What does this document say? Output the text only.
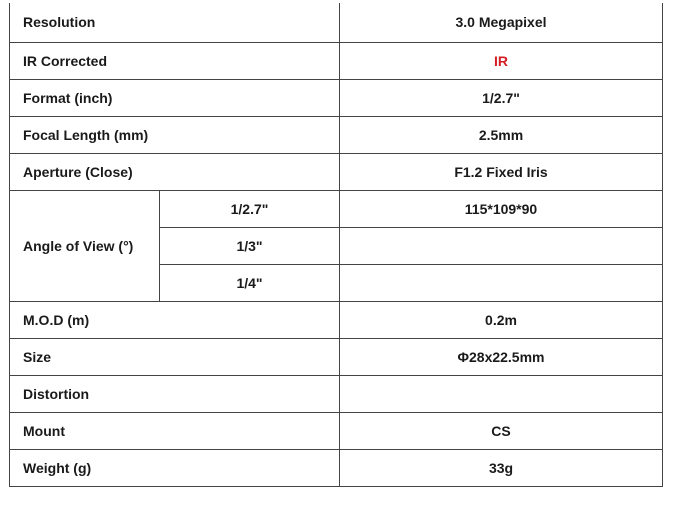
Resolution		3.0 Megapixel
IR Corrected		IR
Format (inch)		1/2.7"
Focal Length (mm)		2.5mm
Aperture (Close)		F1.2 Fixed Iris
Angle of View (°)	1/2.7"	115*109*90
	1/3"	
	1/4"	
M.O.D (m)		0.2m
Size		Φ28x22.5mm
Distortion		
Mount		CS
Weight (g)		33g
